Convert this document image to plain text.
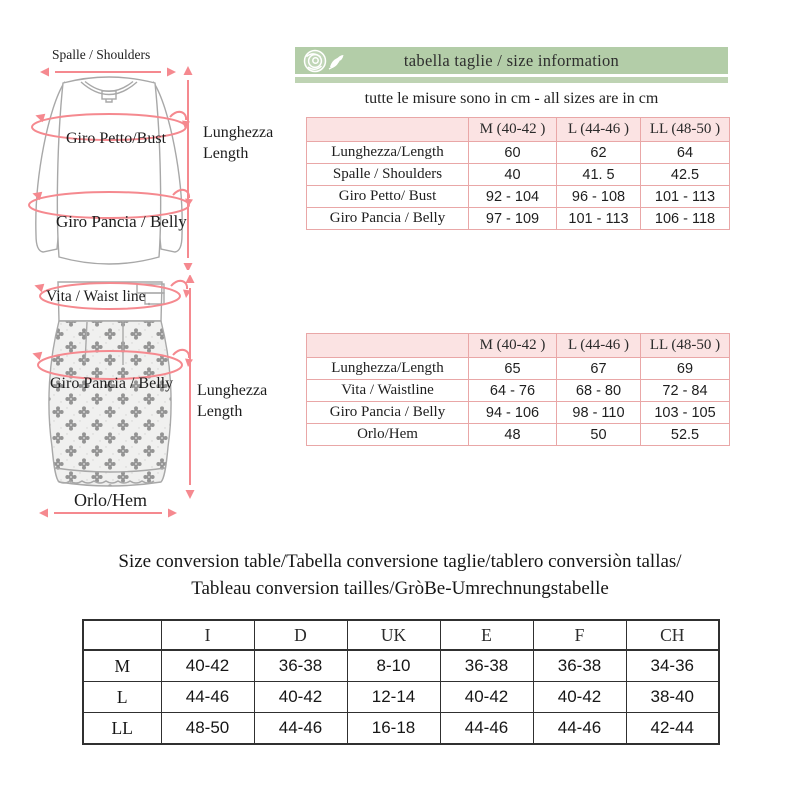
Spalle / Shoulders
Giro Petto/Bust
Giro Pancia / Belly
Lunghezza
Length
Vita / Waist line
Giro Pancia / Belly Lunghezza
Length
Orlo/Hem
tabella taglie / size information
tutte le misure sono in cm - all sizes are in cm
	M (40-42 )	L (44-46 )	LL (48-50 )
Lunghezza/Length	60	62	64
Spalle / Shoulders	40	41. 5	42.5
Giro Petto/ Bust	92 - 104	96 - 108	101 - 113
Giro Pancia / Belly	97 - 109	101 - 113	106 - 118
	M (40-42 )	L (44-46 )	LL (48-50 )
Lunghezza/Length	65	67	69
Vita / Waistline	64 - 76	68 - 80	72 - 84
Giro Pancia / Belly	94 - 106	98 - 110	103 - 105
Orlo/Hem	48	50	52.5
Size conversion table/Tabella conversione taglie/tablero conversiòn tallas/
Tableau conversion tailles/GròBe-Umrechnungstabelle
	I	D	UK	E	F	CH
M	40-42	36-38	8-10	36-38	36-38	34-36
L	44-46	40-42	12-14	40-42	40-42	38-40
LL	48-50	44-46	16-18	44-46	44-46	42-44
